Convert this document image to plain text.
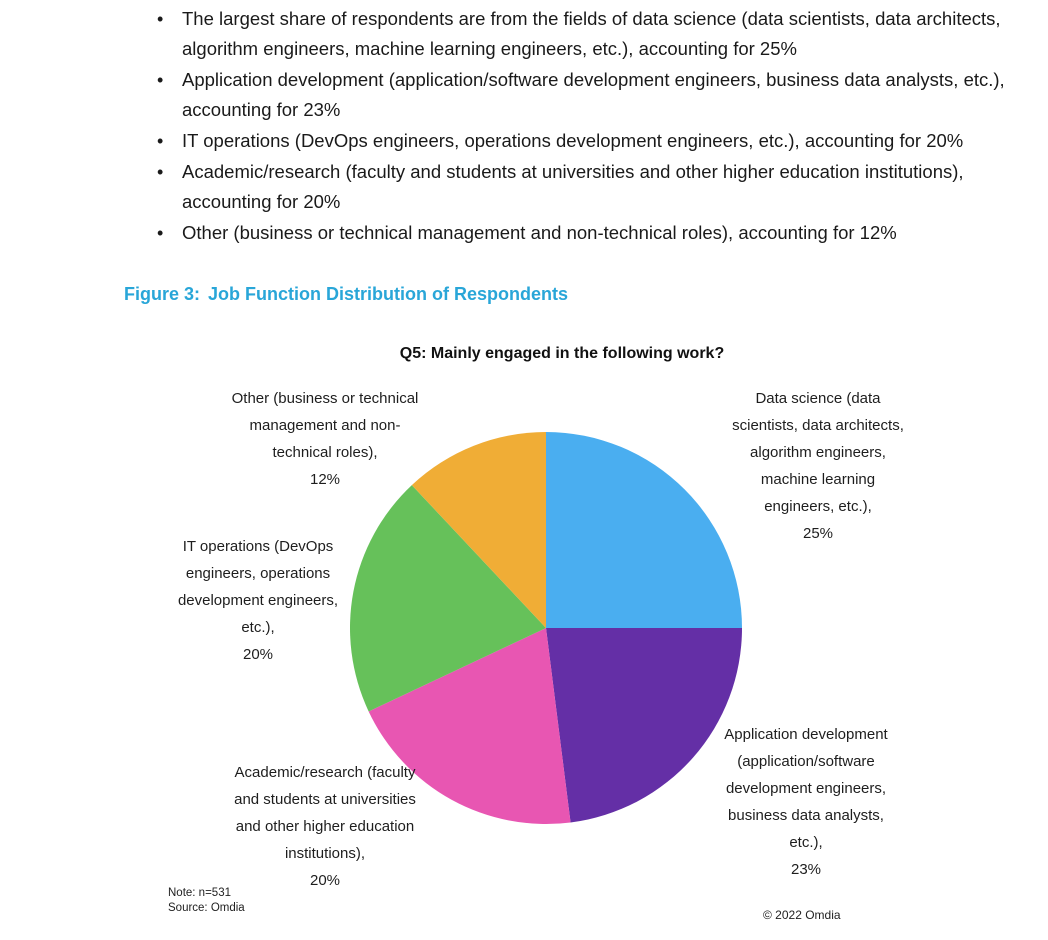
• The largest share of respondents are from the fields of data science (data scientists, data architects, algorithm engineers, machine learning engineers, etc.), accounting for 25%
• Application development (application/software development engineers, business data analysts, etc.), accounting for 23%
• IT operations (DevOps engineers, operations development engineers, etc.), accounting for 20%
• Academic/research (faculty and students at universities and other higher education institutions), accounting for 20%
• Other (business or technical management and non-technical roles), accounting for 12%
Figure 3: Job Function Distribution of Respondents
Q5: Mainly engaged in the following work?
Data science (data
scientists, data architects,
algorithm engineers,
machine learning
engineers, etc.),
25%
Application development
(application/software
development engineers,
business data analysts,
etc.),
23%
Academic/research (faculty
and students at universities
and other higher education
institutions),
20%
IT operations (DevOps
engineers, operations
development engineers,
etc.),
20%
Other (business or technical
management and non-
technical roles),
12%
Note: n=531
Source: Omdia	© 2022 Omdia
